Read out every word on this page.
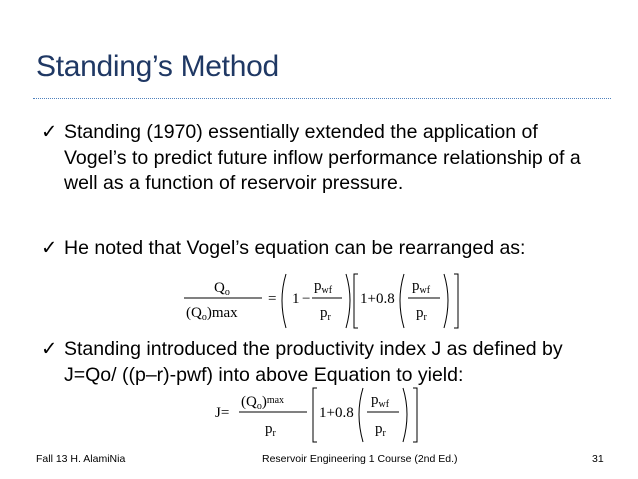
Standing’s Method
✓ Standing (1970) essentially extended the application of Vogel’s to predict future inflow performance relationship of a well as a function of reservoir pressure.
✓ He noted that Vogel’s equation can be rearranged as:
✓ Standing introduced the productivity index J as defined by J=Qo/ ((p–r)-pwf) into above Equation to yield:
$Q_o$
$(Q_o)\max$
= 1 −
$p_{wf}$
$p_r$
1+0.8
$p_{wf}$
$p_r$
J=
$(Q_o)^{max}$
$p_r$
1+0.8
$p_{wf}$
$p_r$
Fall 13 H. AlamiNia	Reservoir Engineering 1 Course (2nd Ed.)	31
